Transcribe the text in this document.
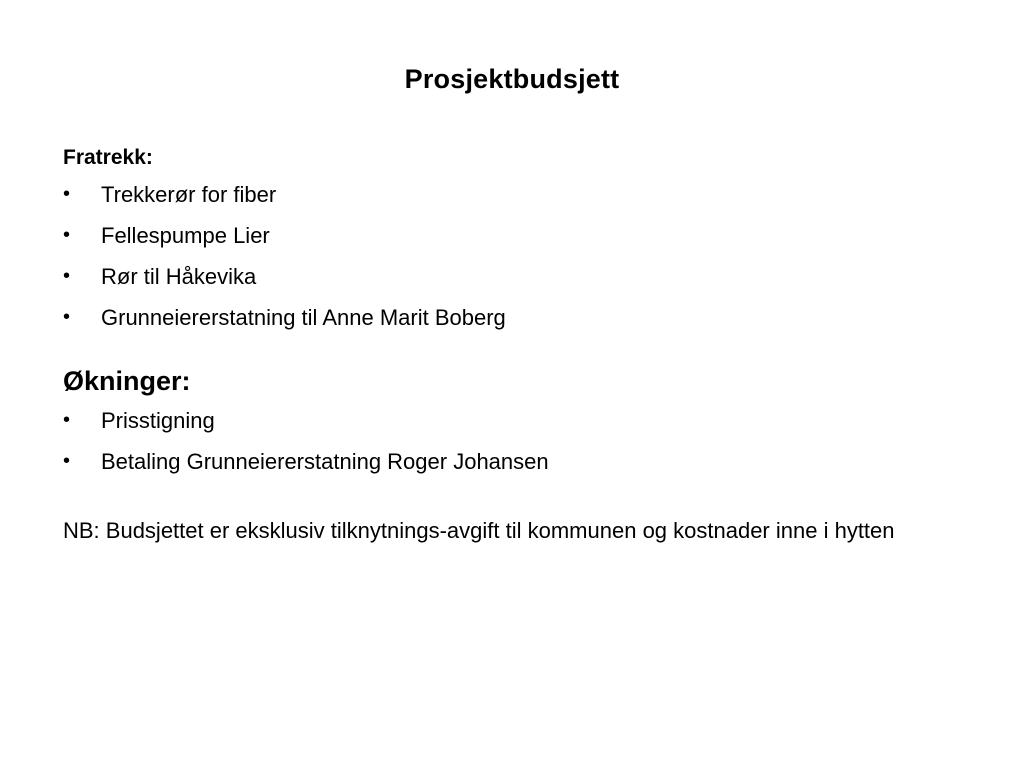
Prosjektbudsjett
Fratrekk:
• Trekkerør for fiber
• Fellespumpe Lier
• Rør til Håkevika
• Grunneiererstatning til Anne Marit Boberg
Økninger:
• Prisstigning
• Betaling Grunneiererstatning Roger Johansen

NB: Budsjettet er eksklusiv tilknytnings-avgift til kommunen og kostnader inne i hytten
